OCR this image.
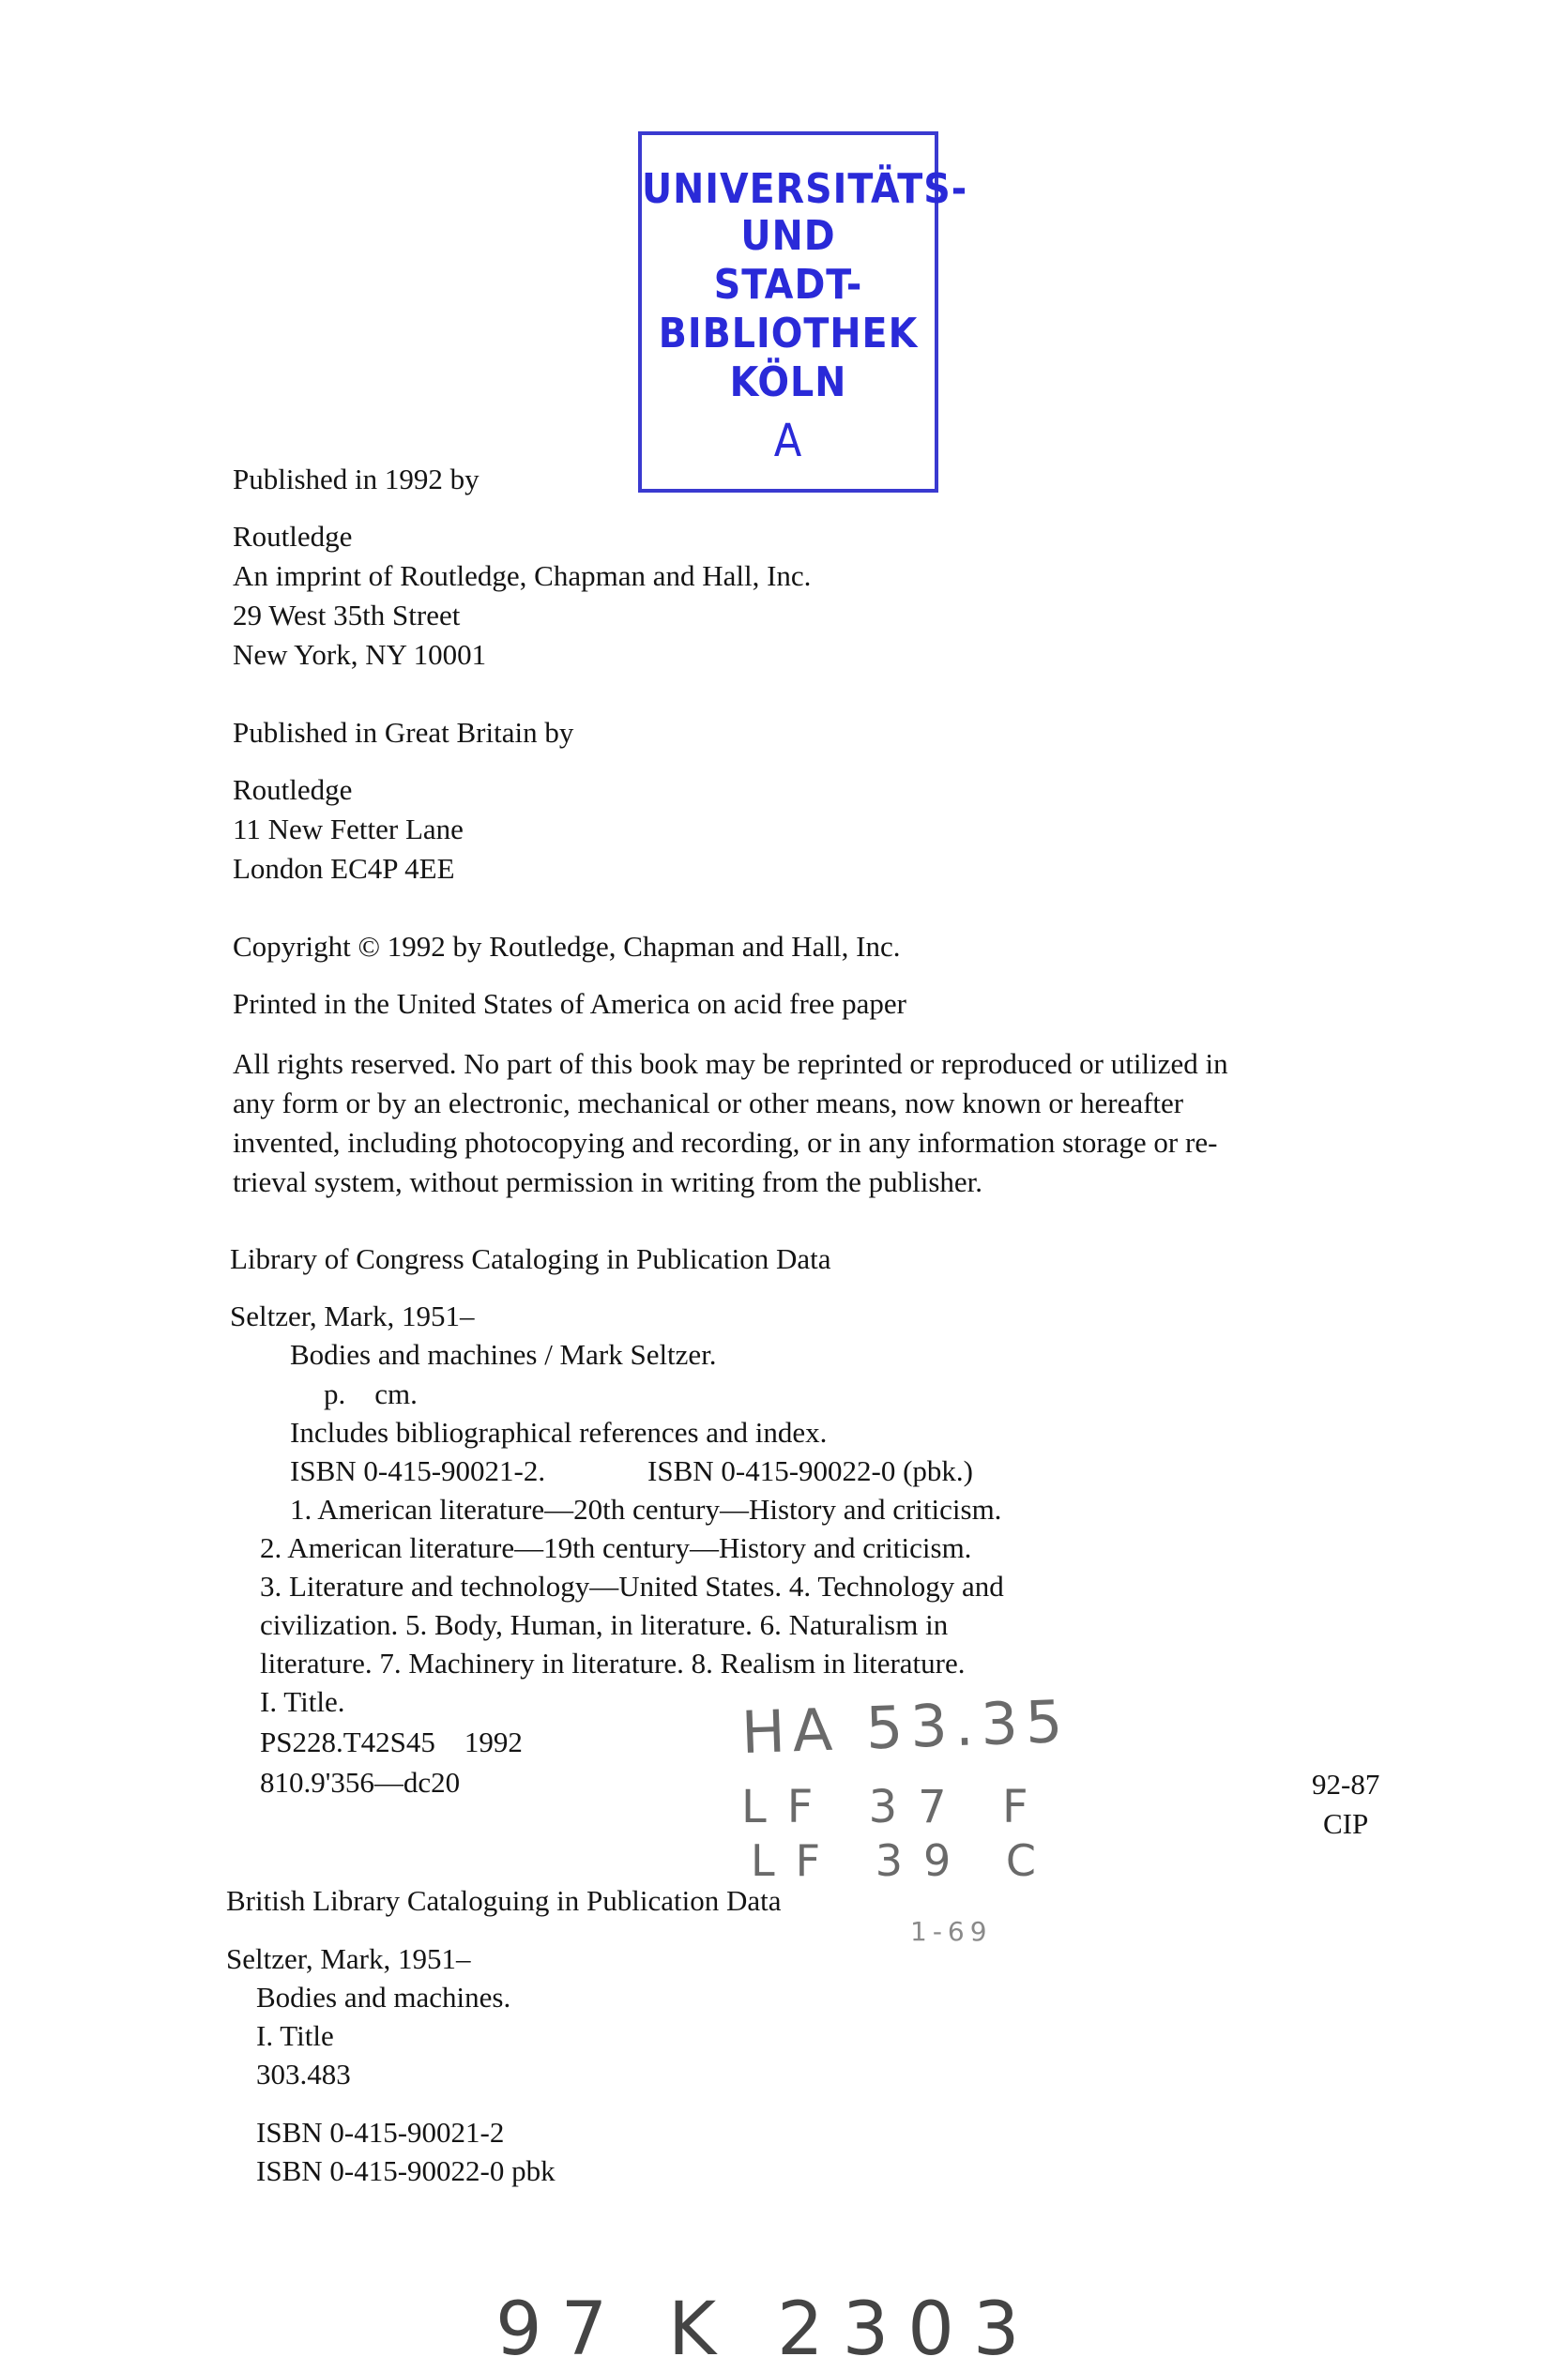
UNIVERSITÄTS-
UND
STADT-
BIBLIOTHEK
KÖLN
A
Published in 1992 by
Routledge
An imprint of Routledge, Chapman and Hall, Inc.
29 West 35th Street
New York, NY 10001
Published in Great Britain by
Routledge
11 New Fetter Lane
London EC4P 4EE
Copyright © 1992 by Routledge, Chapman and Hall, Inc.
Printed in the United States of America on acid free paper
All rights reserved. No part of this book may be reprinted or reproduced or utilized in
any form or by an electronic, mechanical or other means, now known or hereafter
invented, including photocopying and recording, or in any information storage or re-
trieval system, without permission in writing from the publisher.
Library of Congress Cataloging in Publication Data
Seltzer, Mark, 1951–
Bodies and machines / Mark Seltzer.
p.    cm.
Includes bibliographical references and index.
ISBN 0-415-90021-2.	ISBN 0-415-90022-0 (pbk.)
1. American literature—20th century—History and criticism.
2. American literature—19th century—History and criticism.
3. Literature and technology—United States. 4. Technology and
civilization. 5. Body, Human, in literature. 6. Naturalism in
literature. 7. Machinery in literature. 8. Realism in literature.
I. Title.
PS228.T42S45    1992
810.9'356—dc20	92-87
CIP
HA 53.35
LF 37 F
LF 39 C
1-69
British Library Cataloguing in Publication Data
Seltzer, Mark, 1951–
Bodies and machines.
I. Title
303.483
ISBN 0-415-90021-2
ISBN 0-415-90022-0 pbk
97 K 2303
